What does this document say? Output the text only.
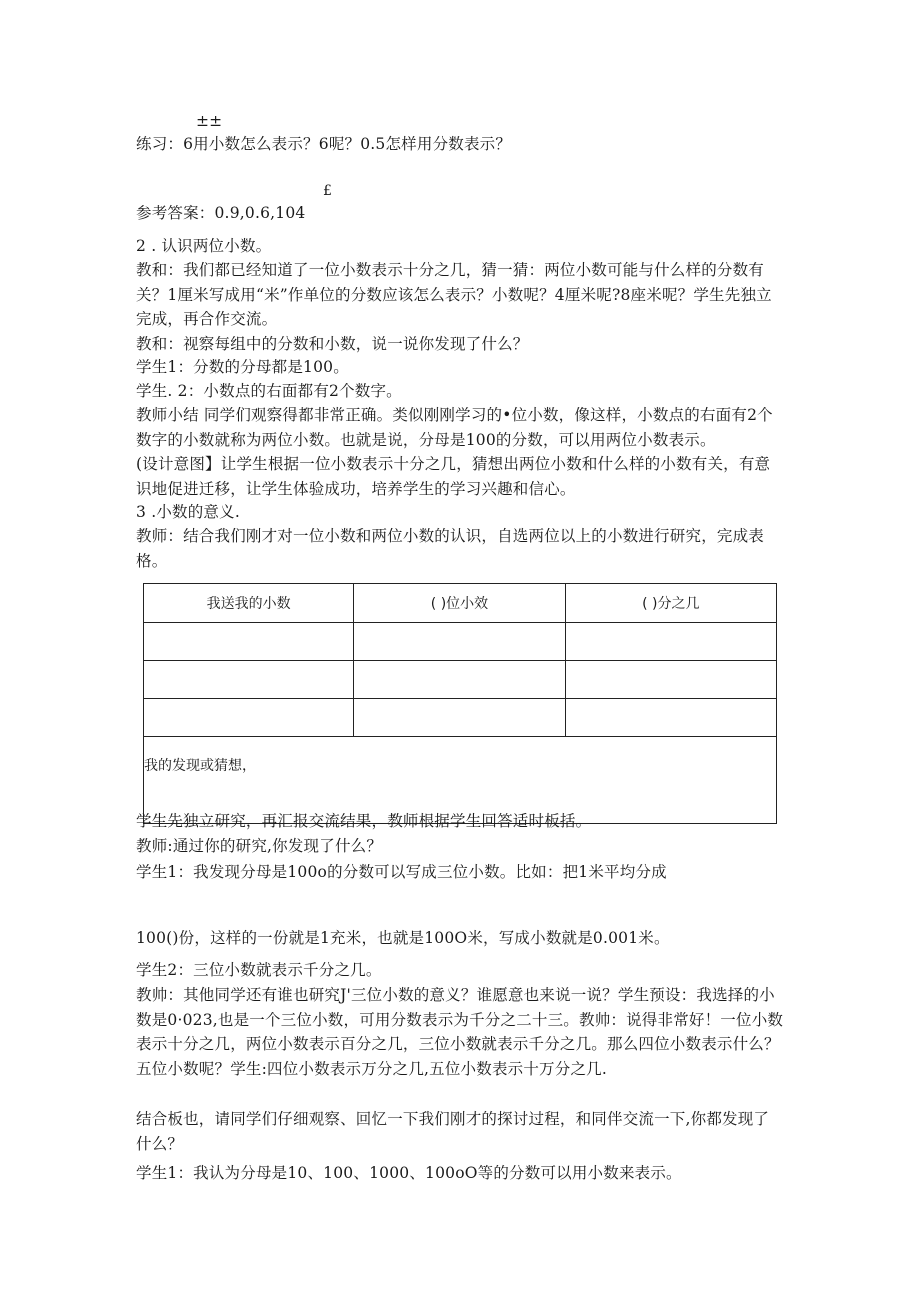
±±
练习：6用小数怎么表示？6呢？0.5怎样用分数表示？
£
参考答案：0.9,0.6,104
2 . 认识两位小数。
教和：我们都已经知道了一位小数表示十分之几，猜一猜：两位小数可能与什么样的分数有关？1厘米写成用“米”作单位的分数应该怎么表示？小数呢？4厘米呢?8座米呢？学生先独立完成，再合作交流。
教和：视察每组中的分数和小数，说一说你发现了什么？
学生1：分数的分母都是100。
学生. 2：小数点的右面都有2个数字。
教师小结 同学们观察得都非常正确。类似刚刚学习的•位小数，像这样，小数点的右面有2个数字的小数就称为两位小数。也就是说，分母是100的分数，可以用两位小数表示。
(设计意图】让学生根据一位小数表示十分之几，猜想出两位小数和什么样的小数有关，有意识地促进迁移，让学生体验成功，培养学生的学习兴趣和信心。
3 .小数的意义.
教师：结合我们刚才对一位小数和两位小数的认识，自选两位以上的小数进行研究，完成表格。
我送我的小数	( )位小效	( )分之几

我的发现或猜想，		
学生先独立研究，再汇报交流结果，教师根据学生回答适时板括。
教师:通过你的研究,你发现了什么？
学生1：我发现分母是100o的分数可以写成三位小数。比如：把1米平均分成
100()份，这样的一份就是1充米，也就是100O米，写成小数就是0.001米。
学生2：三位小数就表示千分之几。
教帅：其他同学还有谁也研究J'三位小数的意义？谁愿意也来说一说？学生预设：我选择的小数是0·023,也是一个三位小数，可用分数表示为千分之二十三。教帅：说得非常好！一位小数表示十分之几，两位小数表示百分之几，三位小数就表示千分之几。那么四位小数表示什么？五位小数呢？学生:四位小数表示万分之几,五位小数表示十万分之几.
结合板也，请同学们仔细观察、回忆一下我们刚才的探讨过程，和同伴交流一下,你都发现了什么？
学生1：我认为分母是10、100、1000、100oO等的分数可以用小数来表示。
